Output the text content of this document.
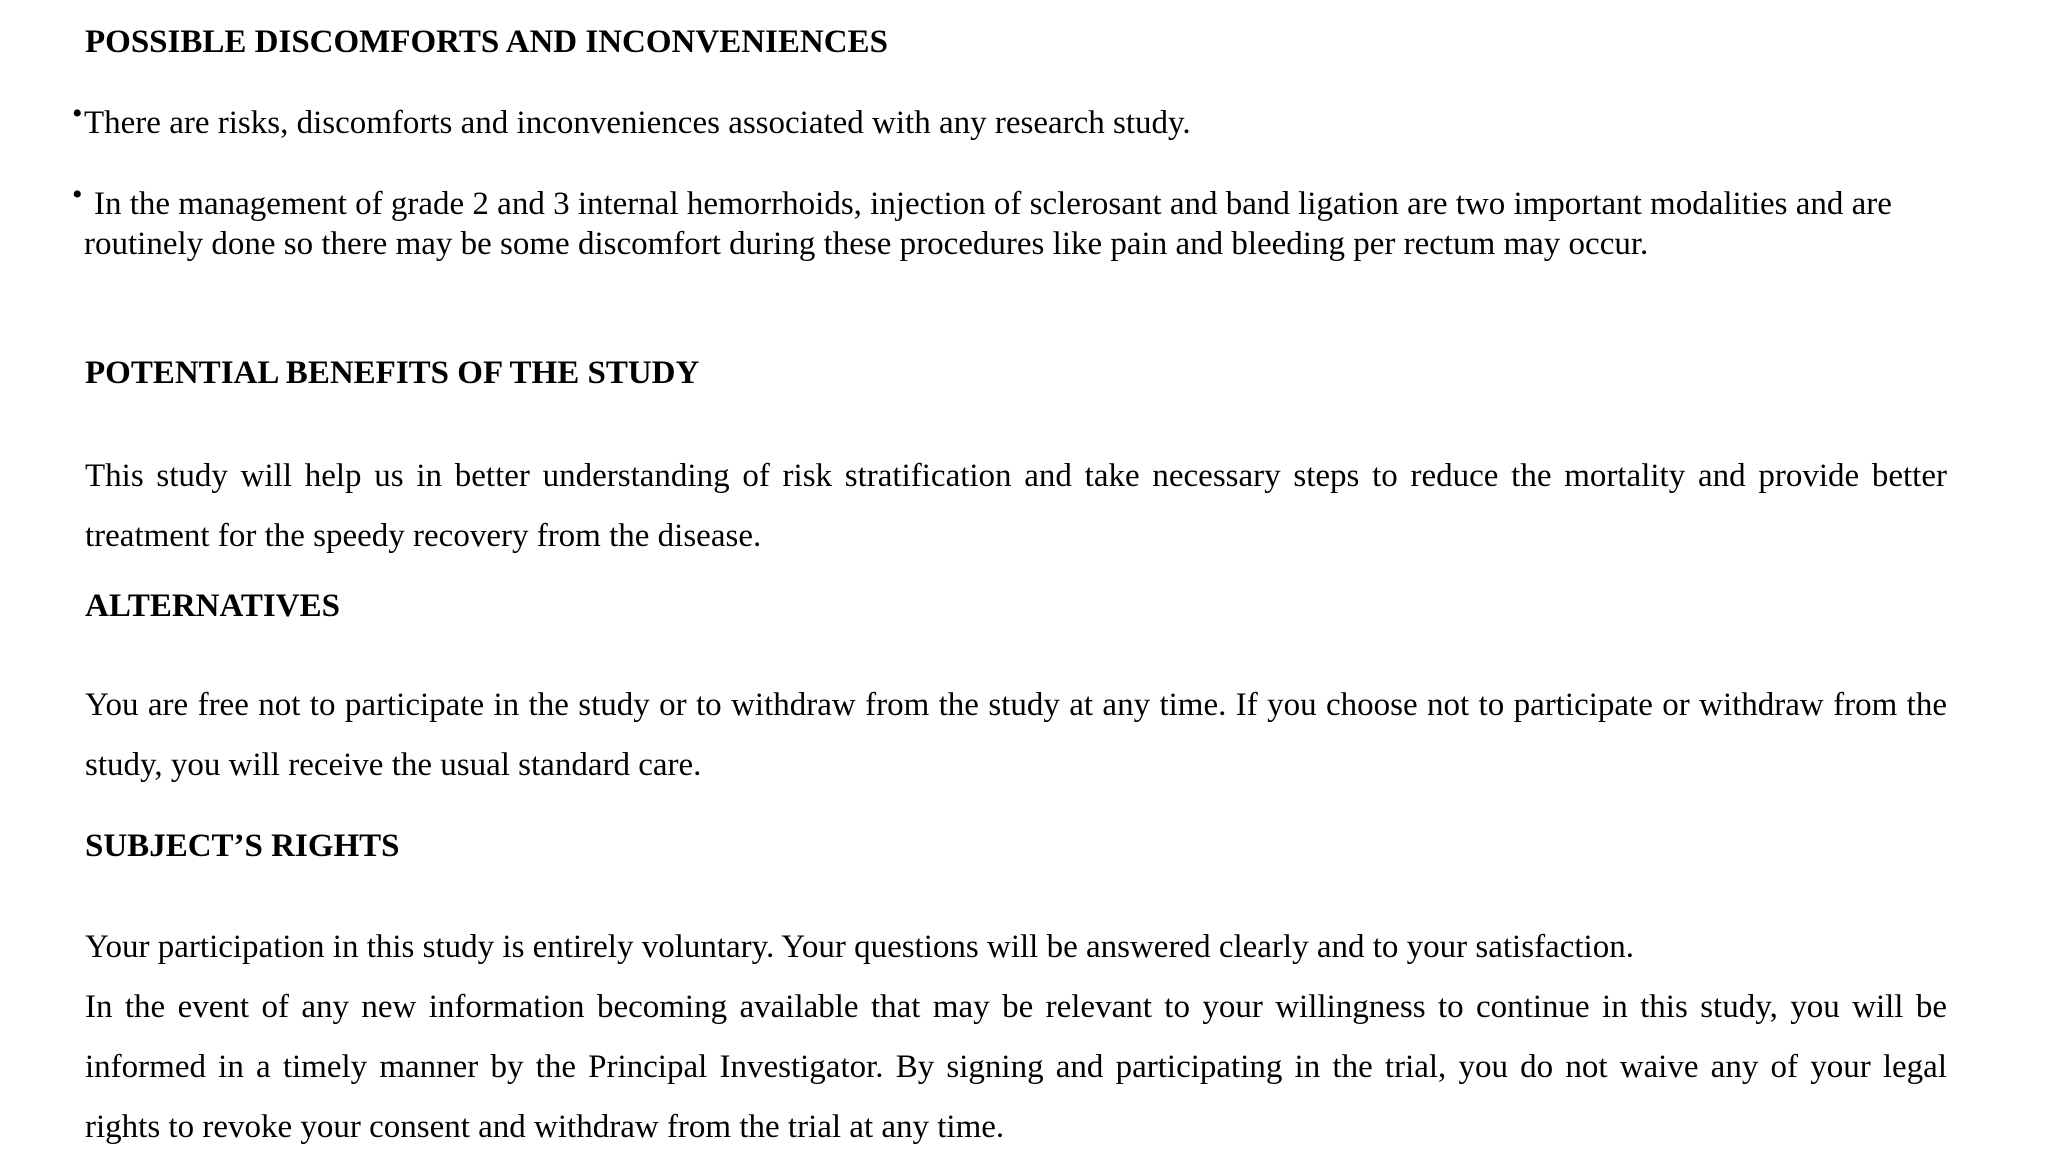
POSSIBLE DISCOMFORTS AND INCONVENIENCES
• There are risks, discomforts and inconveniences associated with any research study.
• In the management of grade 2 and 3 internal hemorrhoids, injection of sclerosant and band ligation are two important modalities and are
routinely done so there may be some discomfort during these procedures like pain and bleeding per rectum may occur.
POTENTIAL BENEFITS OF THE STUDY
This study will help us in better understanding of risk stratification and take necessary steps to reduce the mortality and provide better
treatment for the speedy recovery from the disease.
ALTERNATIVES
You are free not to participate in the study or to withdraw from the study at any time. If you choose not to participate or withdraw from the
study, you will receive the usual standard care.
SUBJECT’S RIGHTS
Your participation in this study is entirely voluntary. Your questions will be answered clearly and to your satisfaction.
In the event of any new information becoming available that may be relevant to your willingness to continue in this study, you will be
informed in a timely manner by the Principal Investigator. By signing and participating in the trial, you do not waive any of your legal
rights to revoke your consent and withdraw from the trial at any time.
